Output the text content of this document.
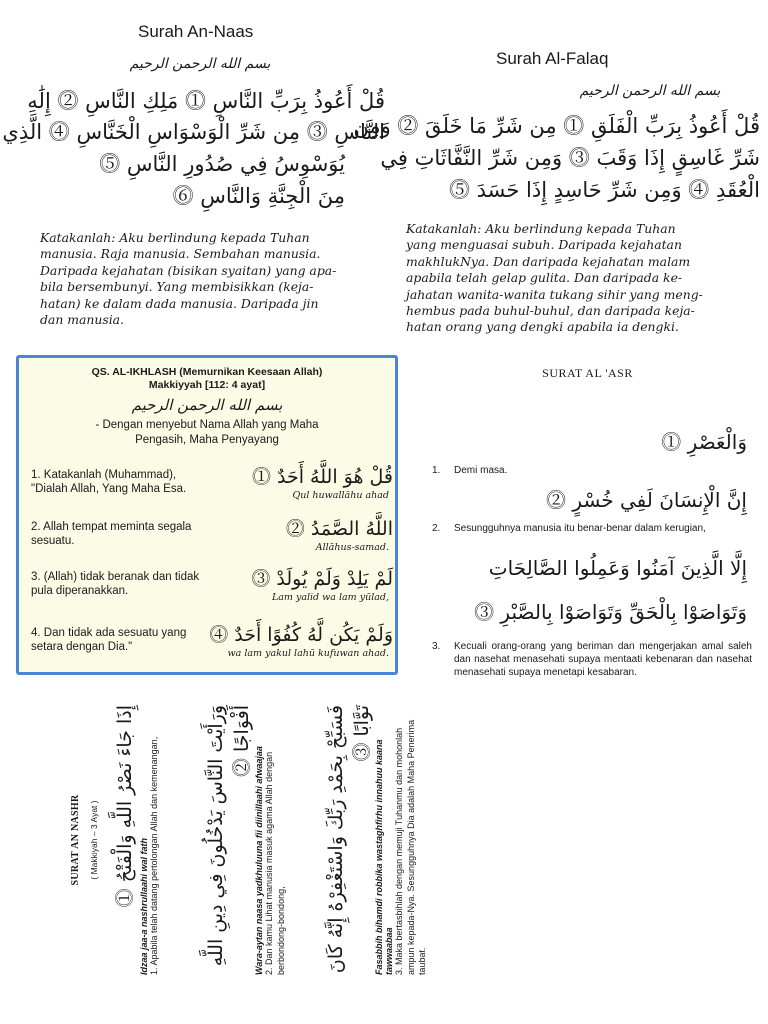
Surah An-Naas
بسم الله الرحمن الرحيم
قُلْ أَعُوذُ بِرَبِّ النَّاسِ ⓵ مَلِكِ النَّاسِ ⓶ إِلَٰهِ
النَّاسِ ⓷ مِن شَرِّ الْوَسْوَاسِ الْخَنَّاسِ ⓸ الَّذِي
يُوَسْوِسُ فِي صُدُورِ النَّاسِ ⓹
مِنَ الْجِنَّةِ وَالنَّاسِ ⓺

Katakanlah: Aku berlindung kepada Tuhan

manusia. Raja manusia. Sembahan manusia.

Daripada kejahatan (bisikan syaitan) yang apa-

bila bersembunyi. Yang membisikkan (keja-

hatan) ke dalam dada manusia. Daripada jin

dan manusia.

Surah Al-Falaq
بسم الله الرحمن الرحيم
قُلْ أَعُوذُ بِرَبِّ الْفَلَقِ ⓵ مِن شَرِّ مَا خَلَقَ ⓶ وَمِن
شَرِّ غَاسِقٍ إِذَا وَقَبَ ⓷ وَمِن شَرِّ النَّفَّاثَاتِ فِي
الْعُقَدِ ⓸ وَمِن شَرِّ حَاسِدٍ إِذَا حَسَدَ ⓹

Katakanlah: Aku berlindung kepada Tuhan

yang menguasai subuh. Daripada kejahatan

makhlukNya. Dan daripada kejahatan malam

apabila telah gelap gulita. Dan daripada ke-

jahatan wanita-wanita tukang sihir yang meng-

hembus pada buhul-buhul, dan daripada keja-

hatan orang yang dengki apabila ia dengki.

QS. AL-IKHLASH (Memurnikan Keesaan Allah)
Makkiyyah [112: 4 ayat]
بسم الله الرحمن الرحيم
- Dengan menyebut Nama Allah yang Maha
Pengasih, Maha Penyayang
1. Katakanlah (Muhammad), "Dialah Allah, Yang Maha Esa.
قُلْ هُوَ اللَّهُ أَحَدٌ ⓵
Qul huwallāhu ahad
2. Allah tempat meminta segala sesuatu.
اللَّهُ الصَّمَدُ ⓶
Allāhus-samad.
3. (Allah) tidak beranak dan tidak pula diperanakkan.
لَمْ يَلِدْ وَلَمْ يُولَدْ ⓷
Lam yalid wa lam yūlad,
4. Dan tidak ada sesuatu yang setara dengan Dia."
وَلَمْ يَكُن لَّهُ كُفُوًا أَحَدٌ ⓸
wa lam yakul lahū kufuwan ahad.
SURAT AL 'ASR
وَالْعَصْرِ ⓵
1. Demi masa.
إِنَّ الْإِنسَانَ لَفِي خُسْرٍ ⓶
2. Sesungguhnya manusia itu benar-benar dalam kerugian,
إِلَّا الَّذِينَ آمَنُوا وَعَمِلُوا الصَّالِحَاتِ
وَتَوَاصَوْا بِالْحَقِّ وَتَوَاصَوْا بِالصَّبْرِ ⓷
3. Kecuali orang-orang yang beriman dan mengerjakan amal saleh dan nasehat menasehati supaya mentaati kebenaran dan nasehat menasehati supaya menetapi kesabaran.
SURAT AN NASHR ( Makkiyah – 3 Ayat ) إِذَا جَاءَ نَصْرُ اللَّهِ وَالْفَتْحُ ⓵ Idzaa jaa-a nashrullaahi wal fath 1. Apabila telah datang pertolongan Allah dan kemenangan, وَرَأَيْتَ النَّاسَ يَدْخُلُونَ فِي دِينِ اللَّهِ أَفْوَاجًا ⓶
Wara-aytan naasa yadkhuluuna fii diinillaahi afwaajaa 2. Dan kamu Lihat manusia masuk agama Allah dengan berbondong-bondong, فَسَبِّحْ بِحَمْدِ رَبِّكَ وَاسْتَغْفِرْهُ إِنَّهُ كَانَ تَوَّابًا ⓷
Fasabbih bihamdi robbika wastaghfirhu innahuu kaana tawwaabaa 3. Maka bertasbihlah dengan memuji Tuhanmu dan mohonlah ampun kepada-Nya. Sesungguhnya Dia adalah Maha Penerima taubat.
